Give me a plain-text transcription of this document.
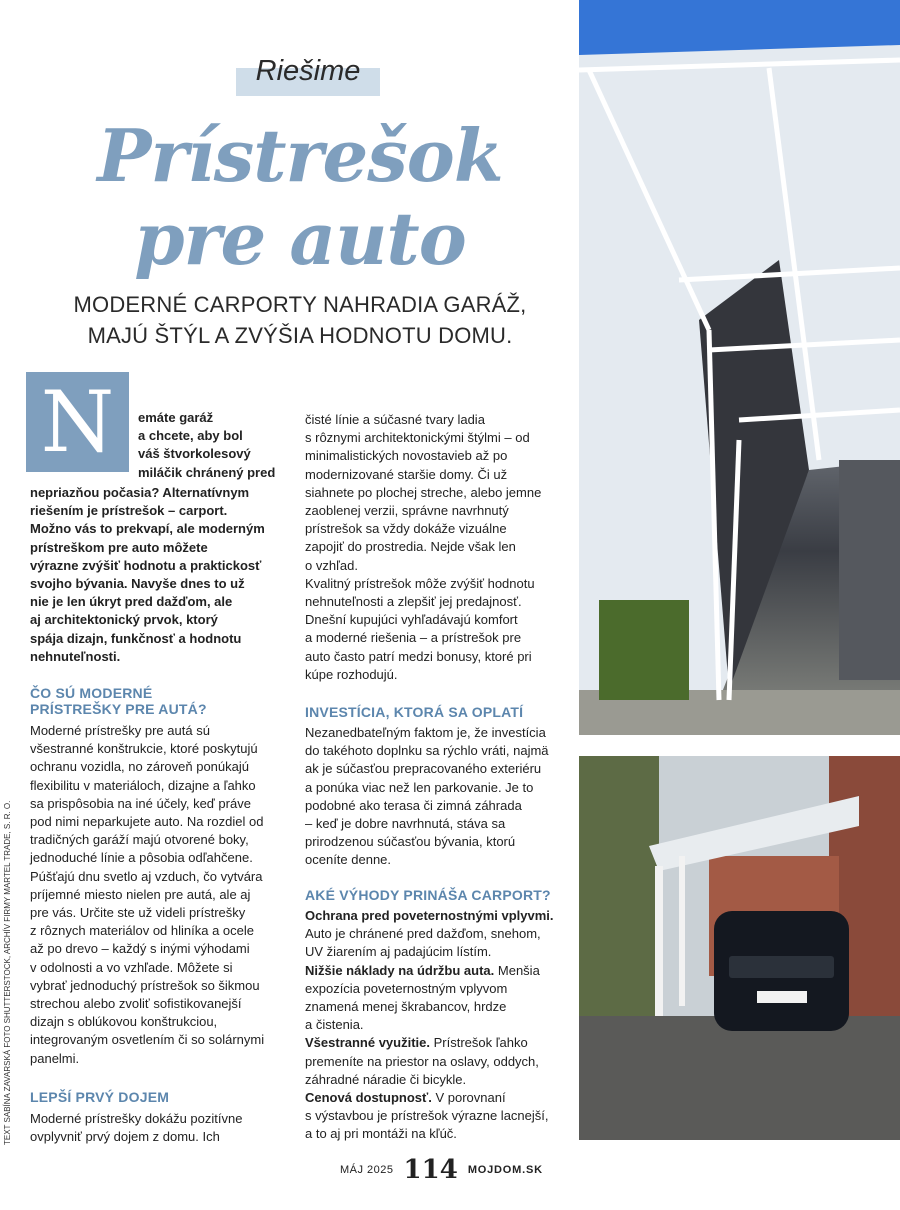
Riešime
Prístrešok
pre auto
MODERNÉ CARPORTY NAHRADIA GARÁŽ,
MAJÚ ŠTÝL A ZVÝŠIA HODNOTU DOMU.
N	emáte garáž

a chcete, aby bol

váš štvorkolesový

miláčik chránený pred

nepriazňou počasia? Alternatívnym

riešením je prístrešok – carport.

Možno vás to prekvapí, ale moderným

prístreškom pre auto môžete

výrazne zvýšiť hodnotu a praktickosť

svojho bývania. Navyše dnes to už

nie je len úkryt pred dažďom, ale

aj architektonický prvok, ktorý

spája dizajn, funkčnosť a hodnotu

nehnuteľnosti.

ČO SÚ MODERNÉ
PRÍSTREŠKY PRE AUTÁ?

Moderné prístrešky pre autá sú

všestranné konštrukcie, ktoré poskytujú

ochranu vozidla, no zároveň ponúkajú

flexibilitu v materiáloch, dizajne a ľahko

sa prispôsobia na iné účely, keď práve

pod nimi neparkujete auto. Na rozdiel od

tradičných garáží majú otvorené boky,

jednoduché línie a pôsobia odľahčene.

Púšťajú dnu svetlo aj vzduch, čo vytvára

príjemné miesto nielen pre autá, ale aj

pre vás. Určite ste už videli prístrešky

z rôznych materiálov od hliníka a ocele

až po drevo – každý s inými výhodami

v odolnosti a vo vzhľade. Môžete si

vybrať jednoduchý prístrešok so šikmou

strechou alebo zvoliť sofistikovanejší

dizajn s oblúkovou konštrukciou,

integrovaným osvetlením či so solárnymi

panelmi.

LEPŠÍ PRVÝ DOJEM

Moderné prístrešky dokážu pozitívne

ovplyvniť prvý dojem z domu. Ich

čisté línie a súčasné tvary ladia

s rôznymi architektonickými štýlmi – od

minimalistických novostavieb až po

modernizované staršie domy. Či už

siahnete po plochej streche, alebo jemne

zaoblenej verzii, správne navrhnutý

prístrešok sa vždy dokáže vizuálne

zapojiť do prostredia. Nejde však len

o vzhľad.

Kvalitný prístrešok môže zvýšiť hodnotu

nehnuteľnosti a zlepšiť jej predajnosť.

Dnešní kupujúci vyhľadávajú komfort

a moderné riešenia – a prístrešok pre

auto často patrí medzi bonusy, ktoré pri

kúpe rozhodujú.

INVESTÍCIA, KTORÁ SA OPLATÍ

Nezanedbateľným faktom je, že investícia

do takéhoto doplnku sa rýchlo vráti, najmä

ak je súčasťou prepracovaného exteriéru

a ponúka viac než len parkovanie. Je to

podobné ako terasa či zimná záhrada

– keď je dobre navrhnutá, stáva sa

prirodzenou súčasťou bývania, ktorú

oceníte denne.

AKÉ VÝHODY PRINÁŠA CARPORT?

Ochrana pred poveternostnými vplyvmi.

Auto je chránené pred dažďom, snehom,

UV žiarením aj padajúcim lístím.

Nižšie náklady na údržbu auta. Menšia

expozícia poveternostným vplyvom

znamená menej škrabancov, hrdze

a čistenia.

Všestranné využitie. Prístrešok ľahko

premeníte na priestor na oslavy, oddych,

záhradné náradie či bicykle.

Cenová dostupnosť. V porovnaní

s výstavbou je prístrešok výrazne lacnejší,

a to aj pri montáži na kľúč.

TEXT SABÍNA ZAVARSKÁ FOTO SHUTTERSTOCK, ARCHÍV FIRMY MARTEL TRADE, S. R. O.
MÁJ 2025 114 MOJDOM.SK
